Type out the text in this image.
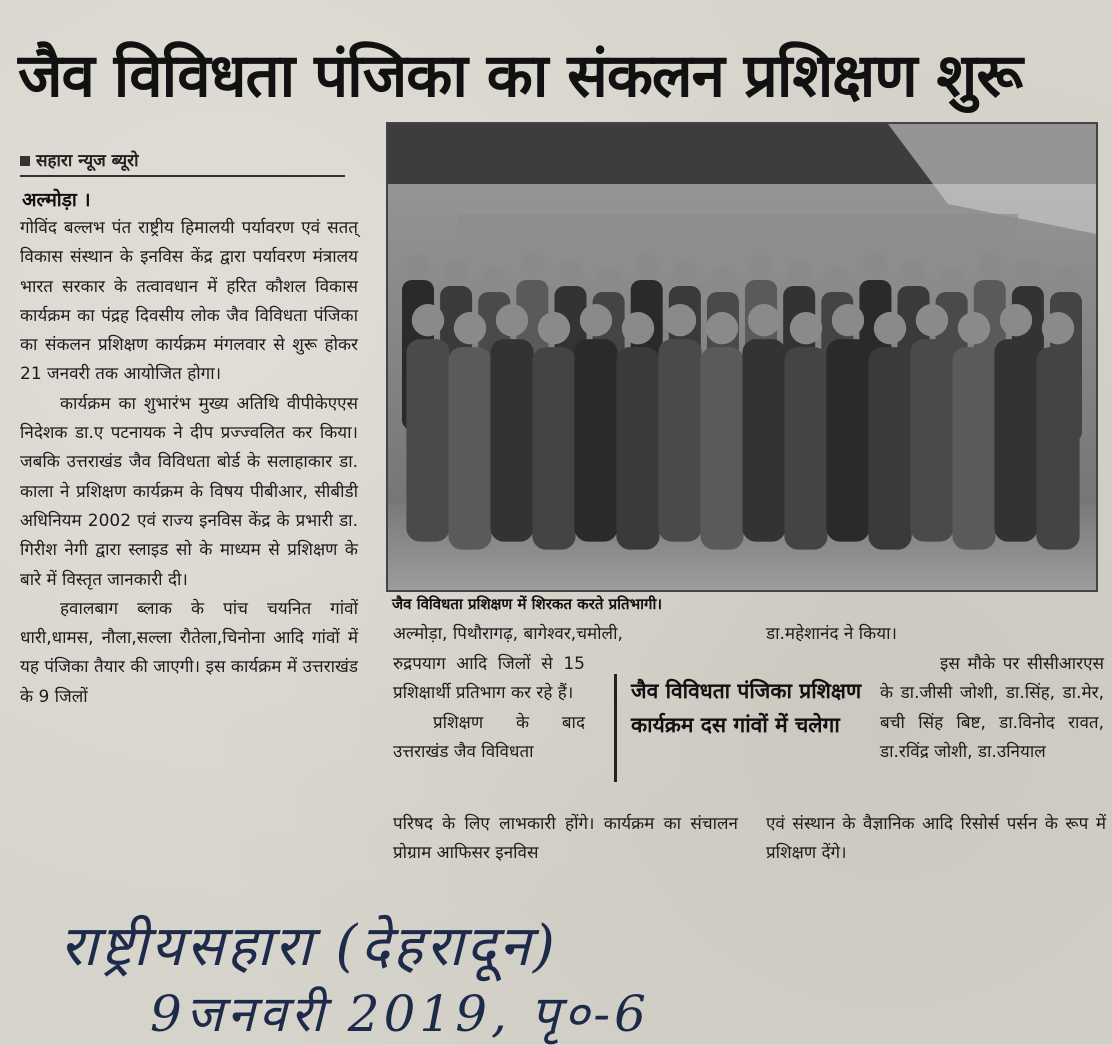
जैव विविधता पंजिका का संकलन प्रशिक्षण शुरू
सहारा न्यूज ब्यूरो
अल्मोड़ा ।

गोविंद बल्लभ पंत राष्ट्रीय हिमालयी पर्यावरण एवं सतत् विकास संस्थान के इनविस केंद्र द्वारा पर्यावरण मंत्रालय भारत सरकार के तत्वावधान में हरित कौशल विकास कार्यक्रम का पंद्रह दिवसीय लोक जैव विविधता पंजिका का संकलन प्रशिक्षण कार्यक्रम मंगलवार से शुरू होकर 21 जनवरी तक आयोजित होगा।

कार्यक्रम का शुभारंभ मुख्य अतिथि वीपीकेएएस निदेशक डा.ए पटनायक ने दीप प्रज्ज्वलित कर किया। जबकि उत्तराखंड जैव विविधता बोर्ड के सलाहाकार डा. काला ने प्रशिक्षण कार्यक्रम के विषय पीबीआर, सीबीडी अधिनियम 2002 एवं राज्य इनविस केंद्र के प्रभारी डा. गिरीश नेगी द्वारा स्लाइड सो के माध्यम से प्रशिक्षण के बारे में विस्तृत जानकारी दी।

हवालबाग ब्लाक के पांच चयनित गांवों धारी,धामस, नौला,सल्ला रौतेला,चिनोना आदि गांवों में यह पंजिका तैयार की जाएगी। इस कार्यक्रम में उत्तराखंड के 9 जिलों

जैव विविधता प्रशिक्षण में शिरकत करते प्रतिभागी।

अल्मोड़ा, पिथौरागढ़, बागेश्वर,चमोली,

रुद्रपयाग आदि जिलों से 15 प्रशिक्षार्थी प्रतिभाग कर रहे हैं।

प्रशिक्षण के बाद उत्तराखंड जैव विविधता

परिषद के लिए लाभकारी होंगे। कार्यक्रम का संचालन प्रोग्राम आफिसर इनविस

जैव विविधता पंजिका प्रशिक्षण कार्यक्रम दस गांवों में चलेगा

डा.महेशानंद ने किया।

इस मौके पर सीसीआरएस के डा.जीसी जोशी, डा.सिंह, डा.मेर, बची सिंह बिष्ट, डा.विनोद रावत, डा.रविंद्र जोशी, डा.उनियाल

एवं संस्थान के वैज्ञानिक आदि रिसोर्स पर्सन के रूप में प्रशिक्षण देंगे।

राष्ट्रीयसहारा (देहरादून)
9जनवरी 2019, पृ०-6
